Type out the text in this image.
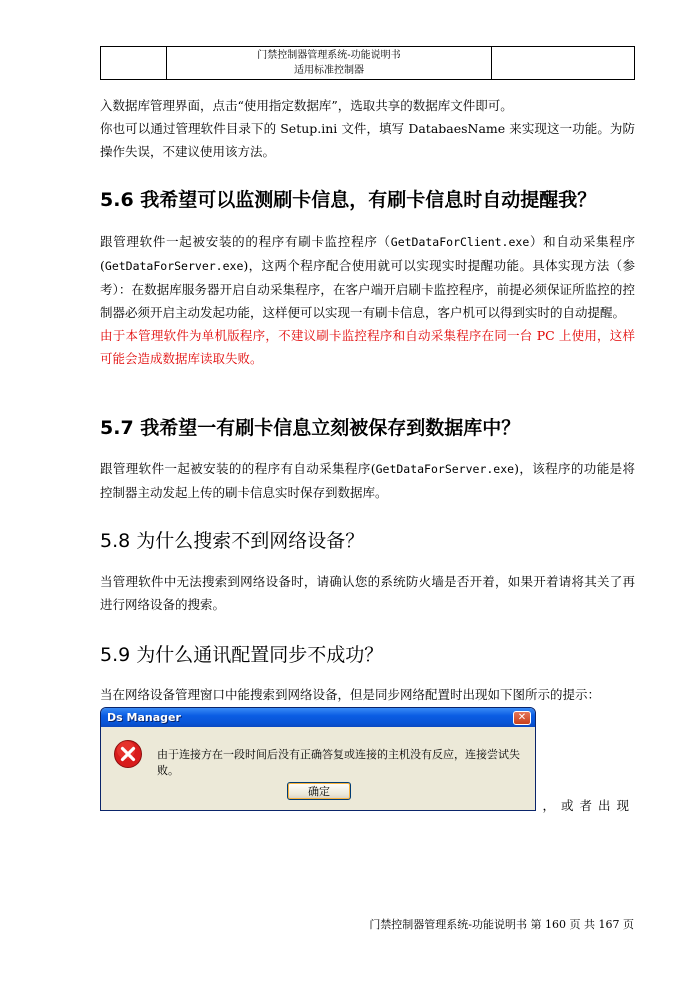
门禁控制器管理系统-功能说明书
适用标准控制器

入数据库管理界面，点击“使用指定数据库”，选取共享的数据库文件即可。

你也可以通过管理软件目录下的 Setup.ini 文件，填写 DatabaesName 来实现这一功能。为防操作失误，不建议使用该方法。

5.6 我希望可以监测刷卡信息，有刷卡信息时自动提醒我？

跟管理软件一起被安装的的程序有刷卡监控程序（GetDataForClient.exe）和自动采集程序(GetDataForServer.exe)，这两个程序配合使用就可以实现实时提醒功能。具体实现方法（参考）：在数据库服务器开启自动采集程序，在客户端开启刷卡监控程序，前提必须保证所监控的控制器必须开启主动发起功能，这样便可以实现一有刷卡信息，客户机可以得到实时的自动提醒。

由于本管理软件为单机版程序，不建议刷卡监控程序和自动采集程序在同一台 PC 上使用，这样可能会造成数据库读取失败。

5.7 我希望一有刷卡信息立刻被保存到数据库中？

跟管理软件一起被安装的的程序有自动采集程序(GetDataForServer.exe)，该程序的功能是将控制器主动发起上传的刷卡信息实时保存到数据库。

5.8 为什么搜索不到网络设备？

当管理软件中无法搜索到网络设备时，请确认您的系统防火墙是否开着，如果开着请将其关了再进行网络设备的搜索。

5.9 为什么通讯配置同步不成功？

当在网络设备管理窗口中能搜索到网络设备，但是同步网络配置时出现如下图所示的提示：

Ds Manager	✕
由于连接方在一段时间后没有正确答复或连接的主机没有反应，连接尝试失败。
确定
，或者出现
门禁控制器管理系统-功能说明书 第 160 页 共 167 页
